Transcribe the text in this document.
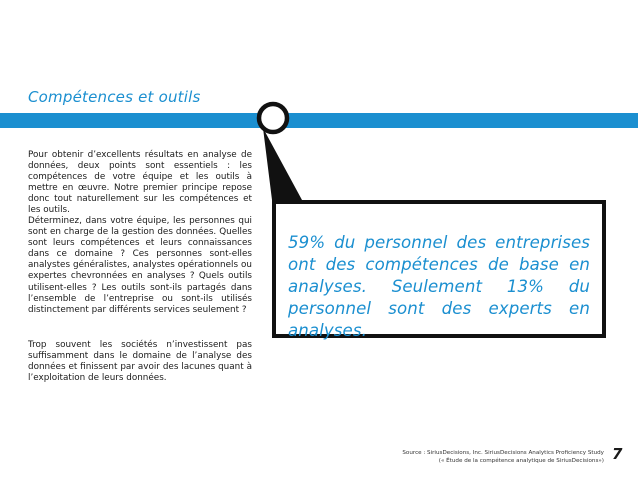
Compétences et outils

Pour obtenir d’excellents résultats en analyse de données, deux points sont essentiels : les compétences de votre équipe et les outils à mettre en œuvre. Notre premier principe repose donc tout naturellement sur les compétences et les outils.

Déterminez, dans votre équipe, les personnes qui sont en charge de la gestion des données. Quelles sont leurs compétences et leurs connaissances dans ce domaine ? Ces personnes sont-elles analystes généralistes, analystes opérationnels ou expertes chevronnées en analyses ? Quels outils utilisent-elles ? Les outils sont-ils partagés dans l’ensemble de l’entreprise ou sont-ils utilisés distinctement par différents services seulement ?

Trop souvent les sociétés n’investissent pas suffisamment dans le domaine de l’analyse des données et finissent par avoir des lacunes quant à l’exploitation de leurs données.

59% du personnel des entreprises ont des compétences de base en analyses. Seulement 13% du personnel sont des experts en analyses.
Source : SiriusDecisions, Inc. SiriusDecisions Analytics Proficiency Study
(« Étude de la compétence analytique de SiriusDecisions») 7
